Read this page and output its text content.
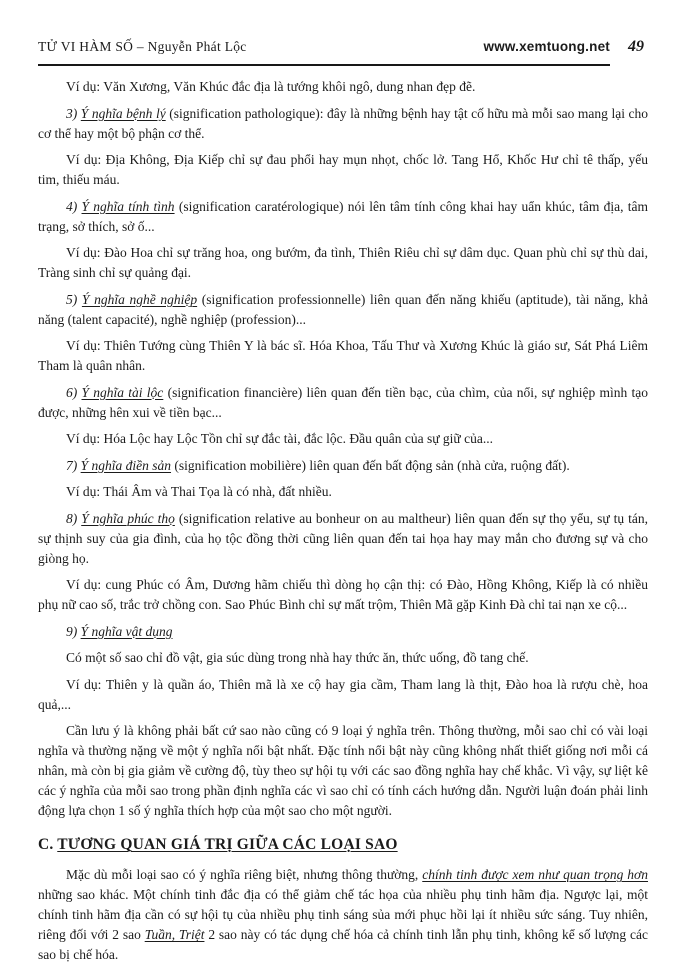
TỬ VI HÀM SỐ – Nguyễn Phát Lộc	www.xemtuong.net 49

Ví dụ: Văn Xương, Văn Khúc đắc địa là tướng khôi ngô, dung nhan đẹp đẽ.

3) Ý nghĩa bệnh lý (signification pathologique): đây là những bệnh hay tật cố hữu mà mỗi sao mang lại cho cơ thể hay một bộ phận cơ thể.

Ví dụ: Địa Không, Địa Kiếp chỉ sự đau phổi hay mụn nhọt, chốc lở. Tang Hổ, Khốc Hư chỉ tê thấp, yếu tim, thiếu máu.

4) Ý nghĩa tính tình (signification caratérologique) nói lên tâm tính công khai hay uẩn khúc, tâm địa, tâm trạng, sở thích, sở ố...

Ví dụ: Đào Hoa chỉ sự trăng hoa, ong bướm, đa tình, Thiên Riêu chỉ sự dâm dục. Quan phù chỉ sự thù dai, Tràng sinh chỉ sự quảng đại.

5) Ý nghĩa nghề nghiệp (signification professionnelle) liên quan đến năng khiếu (aptitude), tài năng, khả năng (talent capacité), nghề nghiệp (profession)...

Ví dụ: Thiên Tướng cùng Thiên Y là bác sĩ. Hóa Khoa, Tấu Thư và Xương Khúc là giáo sư, Sát Phá Liêm Tham là quân nhân.

6) Ý nghĩa tài lộc (signification financière) liên quan đến tiền bạc, của chìm, của nổi, sự nghiệp mình tạo được, những hên xui về tiền bạc...

Ví dụ: Hóa Lộc hay Lộc Tồn chỉ sự đắc tài, đắc lộc. Đầu quân của sự giữ của...

7) Ý nghĩa điền sản (signification mobilière) liên quan đến bất động sản (nhà cửa, ruộng đất).

Ví dụ: Thái Âm và Thai Tọa là có nhà, đất nhiều.

8) Ý nghĩa phúc thọ (signification relative au bonheur on au maltheur) liên quan đến sự thọ yểu, sự tụ tán, sự thịnh suy của gia đình, của họ tộc đồng thời cũng liên quan đến tai họa hay may mắn cho đương sự và cho giòng họ.

Ví dụ: cung Phúc có Âm, Dương hãm chiếu thì dòng họ cận thị: có Đào, Hồng Không, Kiếp là có nhiều phụ nữ cao số, trắc trở chồng con. Sao Phúc Bình chỉ sự mất trộm, Thiên Mã gặp Kinh Đà chỉ tai nạn xe cộ...

9) Ý nghĩa vật dụng

Có một số sao chỉ đồ vật, gia súc dùng trong nhà hay thức ăn, thức uống, đồ tang chế.

Ví dụ: Thiên y là quần áo, Thiên mã là xe cộ hay gia cầm, Tham lang là thịt, Đào hoa là rượu chè, hoa quả,...

Cần lưu ý là không phải bất cứ sao nào cũng có 9 loại ý nghĩa trên. Thông thường, mỗi sao chỉ có vài loại nghĩa và thường nặng về một ý nghĩa nổi bật nhất. Đặc tính nổi bật này cũng không nhất thiết giống nơi mỗi cá nhân, mà còn bị gia giảm về cường độ, tùy theo sự hội tụ với các sao đồng nghĩa hay chế khắc. Vì vậy, sự liệt kê các ý nghĩa của mỗi sao trong phần định nghĩa các vì sao chỉ có tính cách hướng dẫn. Người luận đoán phải linh động lựa chọn 1 số ý nghĩa thích hợp của một sao cho một người.

C. TƯƠNG QUAN GIÁ TRỊ GIỮA CÁC LOẠI SAO

Mặc dù mỗi loại sao có ý nghĩa riêng biệt, nhưng thông thường, chính tinh được xem như quan trọng hơn những sao khác. Một chính tinh đắc địa có thể giảm chế tác họa của nhiều phụ tinh hãm địa. Ngược lại, một chính tinh hãm địa cần có sự hội tụ của nhiều phụ tinh sáng sủa mới phục hồi lại ít nhiều sức sáng. Tuy nhiên, riêng đối với 2 sao Tuần, Triệt 2 sao này có tác dụng chế hóa cả chính tinh lẫn phụ tinh, không kể số lượng các sao bị chế hóa.
